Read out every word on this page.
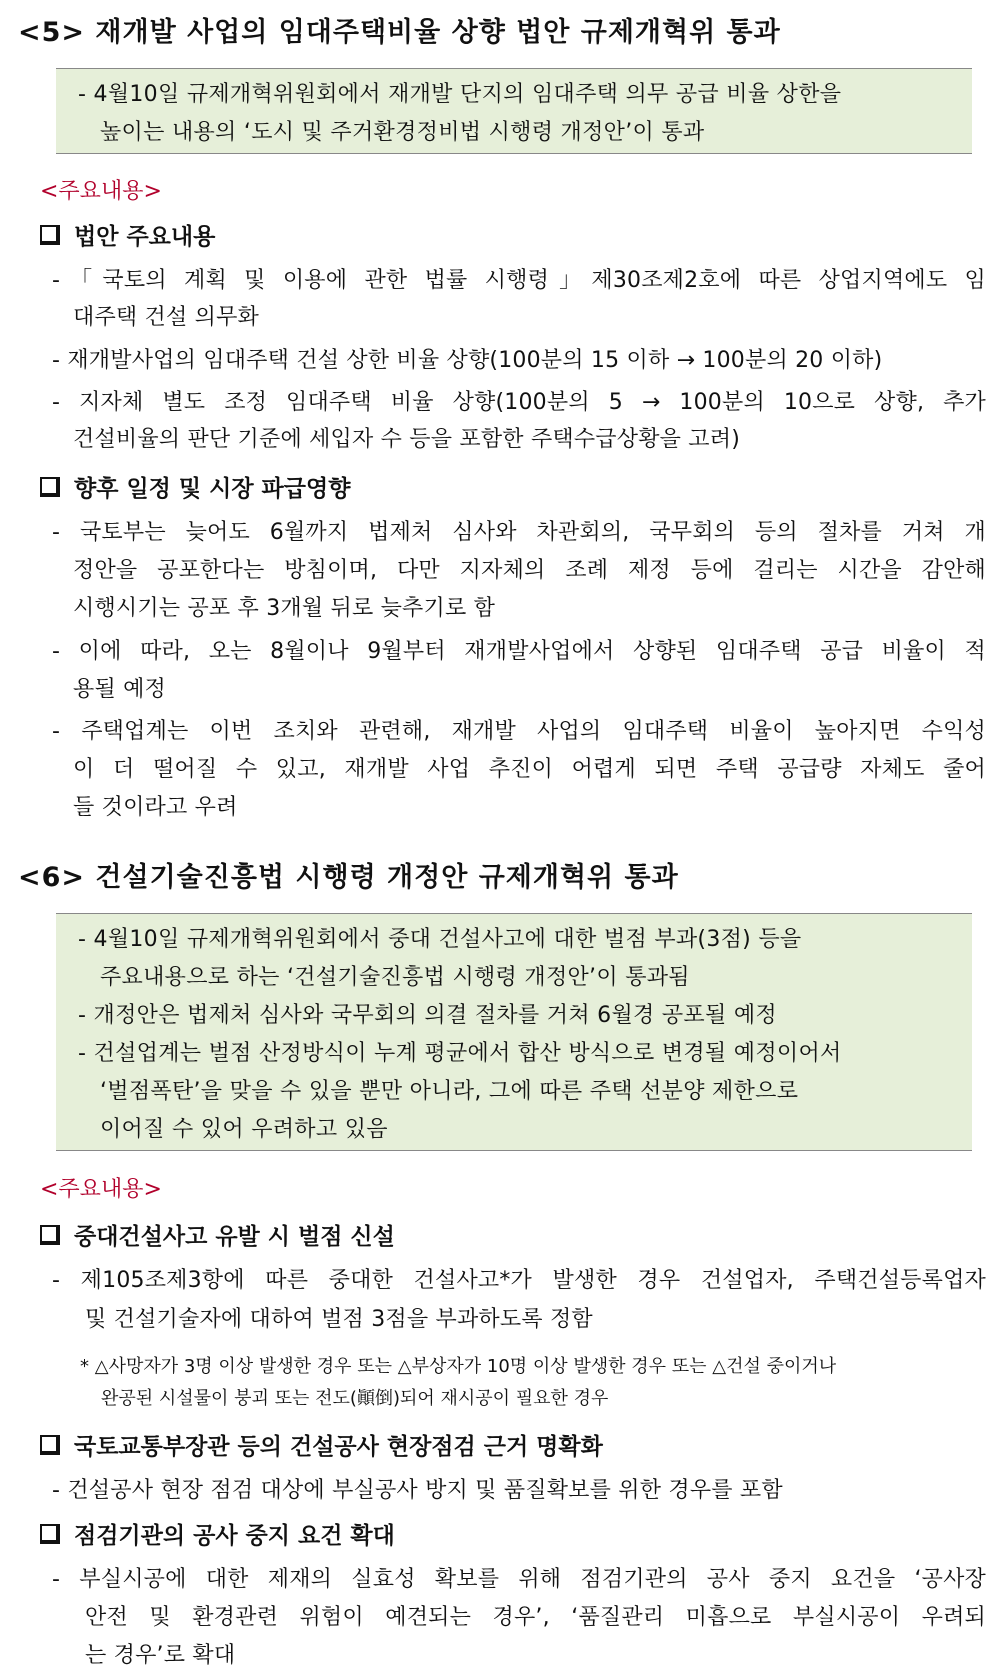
<5> 재개발 사업의 임대주택비율 상향 법안 규제개혁위 통과
- 4월10일 규제개혁위원회에서 재개발 단지의 임대주택 의무 공급 비율 상한을
높이는 내용의 ‘도시 및 주거환경정비법 시행령 개정안’이 통과
<주요내용>
법안 주요내용
-「국토의 계획 및 이용에 관한 법률 시행령」제30조제2호에 따른 상업지역에도 임
대주택 건설 의무화
- 재개발사업의 임대주택 건설 상한 비율 상향(100분의 15 이하 → 100분의 20 이하)
- 지자체 별도 조정 임대주택 비율 상향(100분의 5 → 100분의 10으로 상향, 추가
건설비율의 판단 기준에 세입자 수 등을 포함한 주택수급상황을 고려)
향후 일정 및 시장 파급영향
- 국토부는 늦어도 6월까지 법제처 심사와 차관회의, 국무회의 등의 절차를 거쳐 개
정안을 공포한다는 방침이며, 다만 지자체의 조례 제정 등에 걸리는 시간을 감안해
시행시기는 공포 후 3개월 뒤로 늦추기로 함
- 이에 따라, 오는 8월이나 9월부터 재개발사업에서 상향된 임대주택 공급 비율이 적
용될 예정
- 주택업계는 이번 조치와 관련해, 재개발 사업의 임대주택 비율이 높아지면 수익성
이 더 떨어질 수 있고, 재개발 사업 추진이 어렵게 되면 주택 공급량 자체도 줄어
들 것이라고 우려
<6> 건설기술진흥법 시행령 개정안 규제개혁위 통과
- 4월10일 규제개혁위원회에서 중대 건설사고에 대한 벌점 부과(3점) 등을
주요내용으로 하는 ‘건설기술진흥법 시행령 개정안’이 통과됨
- 개정안은 법제처 심사와 국무회의 의결 절차를 거쳐 6월경 공포될 예정
- 건설업계는 벌점 산정방식이 누계 평균에서 합산 방식으로 변경될 예정이어서
‘벌점폭탄’을 맞을 수 있을 뿐만 아니라, 그에 따른 주택 선분양 제한으로
이어질 수 있어 우려하고 있음
<주요내용>
중대건설사고 유발 시 벌점 신설
- 제105조제3항에 따른 중대한 건설사고*가 발생한 경우 건설업자, 주택건설등록업자
및 건설기술자에 대하여 벌점 3점을 부과하도록 정함
* △사망자가 3명 이상 발생한 경우 또는 △부상자가 10명 이상 발생한 경우 또는 △건설 중이거나
완공된 시설물이 붕괴 또는 전도(顚倒)되어 재시공이 필요한 경우
국토교통부장관 등의 건설공사 현장점검 근거 명확화
- 건설공사 현장 점검 대상에 부실공사 방지 및 품질확보를 위한 경우를 포함
점검기관의 공사 중지 요건 확대
- 부실시공에 대한 제재의 실효성 확보를 위해 점검기관의 공사 중지 요건을 ‘공사장
안전 및 환경관련 위험이 예견되는 경우’, ‘품질관리 미흡으로 부실시공이 우려되
는 경우’로 확대
